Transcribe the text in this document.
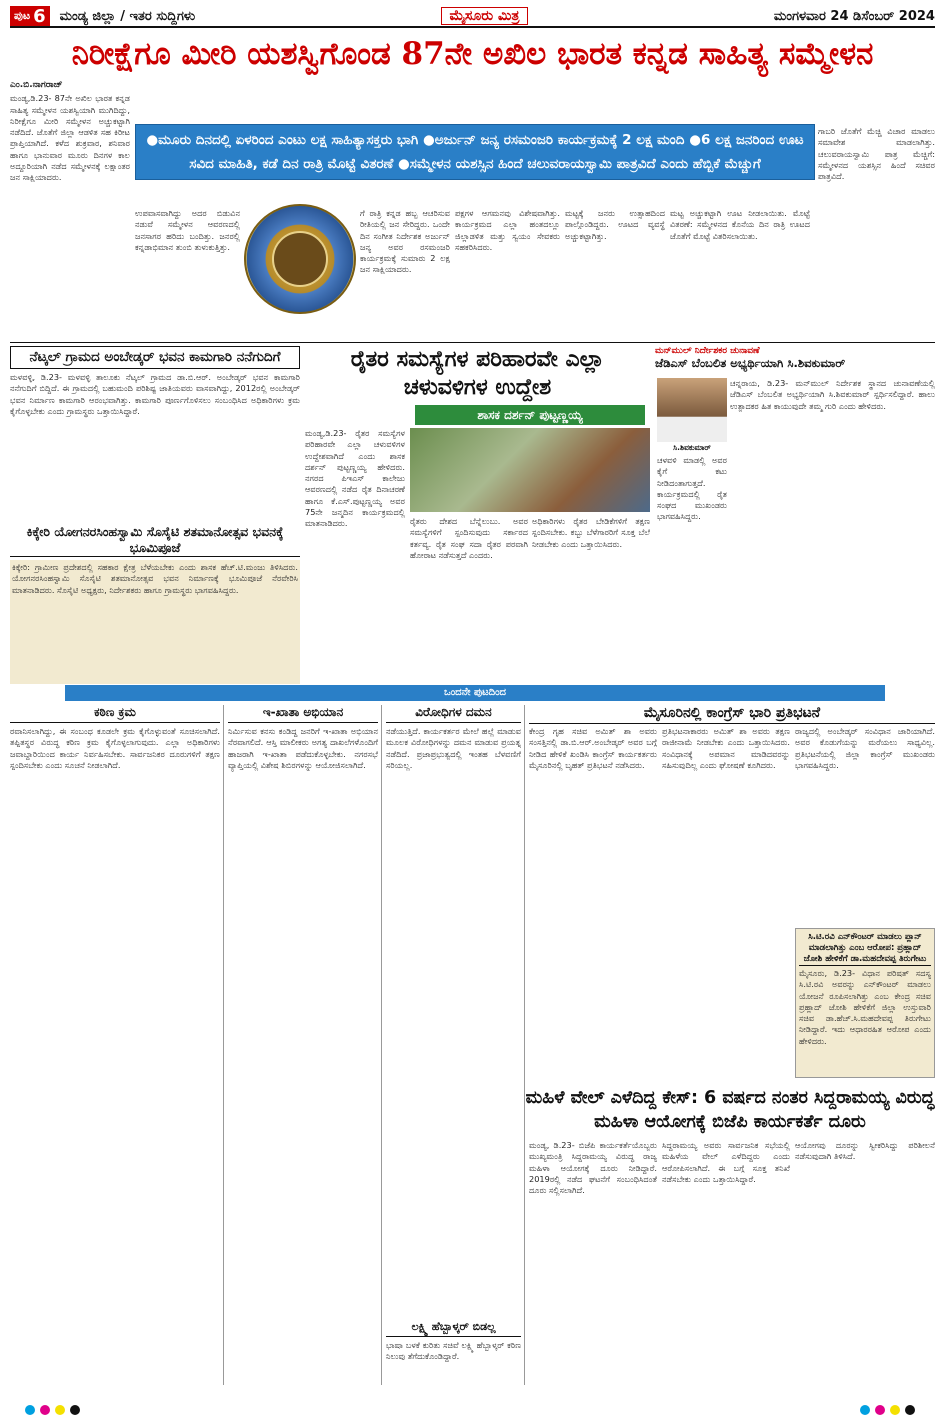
ಪುಟ 6 ಮಂಡ್ಯ ಜಿಲ್ಲಾ / ಇತರ ಸುದ್ದಿಗಳು	ಮೈಸೂರು ಮಿತ್ರ	ಮಂಗಳವಾರ 24 ಡಿಸೆಂಬರ್ 2024
ನಿರೀಕ್ಷೆಗೂ ಮೀರಿ ಯಶಸ್ವಿಗೊಂಡ 87ನೇ ಅಖಿಲ ಭಾರತ ಕನ್ನಡ ಸಾಹಿತ್ಯ ಸಮ್ಮೇಳನ
ಎಂ.ಬಿ.ನಾಗರಾಜ್
ಮಂಡ್ಯ,ಡಿ.23- 87ನೇ ಅಖಿಲ ಭಾರತ ಕನ್ನಡ ಸಾಹಿತ್ಯ ಸಮ್ಮೇಳನ ಯಶಸ್ವಿಯಾಗಿ ಮುಗಿದಿದ್ದು, ನಿರೀಕ್ಷೆಗೂ ಮೀರಿ ಸಮ್ಮೇಳನ ಅಚ್ಚುಕಟ್ಟಾಗಿ ನಡೆದಿದೆ. ಜೊತೆಗೆ ಜಿಲ್ಲಾ ಆಡಳಿತ ಸಹ ಕಿರೀಟ ಪ್ರಾಪ್ತಿಯಾಗಿದೆ. ಕಳೆದ ಶುಕ್ರವಾರ, ಶನಿವಾರ ಹಾಗೂ ಭಾನುವಾರ ಮೂರು ದಿನಗಳ ಕಾಲ ಅದ್ದೂರಿಯಾಗಿ ನಡೆದ ಸಮ್ಮೇಳನಕ್ಕೆ ಲಕ್ಷಾಂತರ ಜನ ಸಾಕ್ಷಿಯಾದರು.
●ಮೂರು ದಿನದಲ್ಲಿ ಏಳರಿಂದ ಎಂಟು ಲಕ್ಷ ಸಾಹಿತ್ಯಾಸಕ್ತರು ಭಾಗಿ ●ಅರ್ಜುನ್ ಜನ್ಯ ರಸಮಂಜರಿ ಕಾರ್ಯಕ್ರಮಕ್ಕೆ 2 ಲಕ್ಷ ಮಂದಿ ●6 ಲಕ್ಷ ಜನರಿಂದ ಊಟ ಸವಿದ ಮಾಹಿತಿ, ಕಡೆ ದಿನ ರಾತ್ರಿ ಮೊಟ್ಟೆ ವಿತರಣೆ ●ಸಮ್ಮೇಳನ ಯಶಸ್ಸಿನ ಹಿಂದೆ ಚಲುವರಾಯಸ್ವಾಮಿ ಪಾತ್ರವಿದೆ ಎಂದು ಹೆಬ್ಬಿಕೆ ಮೆಚ್ಚುಗೆ
ಉಪವಾಸವಾಗಿದ್ದು ಅದರ ಬಿಡುವಿನ ನಡುವೆ ಸಮ್ಮೇಳನ ಆವರಣದಲ್ಲಿ ಜನಸಾಗರ ಹರಿದು ಬಂದಿತ್ತು. ಜನರಲ್ಲಿ ಕನ್ನಡಾಭಿಮಾನ ತುಂಬಿ ತುಳುಕುತ್ತಿತ್ತು.
ಗೆ ರಾತ್ರಿ ಕನ್ನಡ ಹಬ್ಬ ಆಚರಿಸುವ ರೀತಿಯಲ್ಲಿ ಜನ ಸೇರಿದ್ದರು. ಒಂದೇ ದಿನ ಸಂಗೀತ ನಿರ್ದೇಶಕ ಅರ್ಜುನ್ ಜನ್ಯ ಅವರ ರಸಮಂಜರಿ ಕಾರ್ಯಕ್ರಮಕ್ಕೆ ಸುಮಾರು 2 ಲಕ್ಷ ಜನ ಸಾಕ್ಷಿಯಾದರು.
ಪಕ್ಷಗಳ ಆಗಮನವು ವಿಶೇಷವಾಗಿತ್ತು. ಕಾರ್ಯಕ್ರಮದ ಎಲ್ಲಾ ಹಂತದಲ್ಲೂ ಜಿಲ್ಲಾಡಳಿತ ಮತ್ತು ಸ್ವಯಂ ಸೇವಕರು ಸಹಕರಿಸಿದರು.
ಮಟ್ಟಕ್ಕೆ ಜನರು ಉತ್ಸಾಹದಿಂದ ಪಾಲ್ಗೊಂಡಿದ್ದರು. ಊಟದ ವ್ಯವಸ್ಥೆ ಅಚ್ಚುಕಟ್ಟಾಗಿತ್ತು.
ಮಟ್ಟ ಅಚ್ಚುಕಟ್ಟಾಗಿ ಊಟ ನೀಡಲಾಯಿತು. ಮೊಟ್ಟೆ ವಿತರಣೆ: ಸಮ್ಮೇಳನದ ಕೊನೆಯ ದಿನ ರಾತ್ರಿ ಊಟದ ಜೊತೆಗೆ ಮೊಟ್ಟೆ ವಿತರಿಸಲಾಯಿತು.
ಗಾಬರಿ ಜೊತೆಗೆ ಮೆಚ್ಚಿ ವಿಚಾರ ಮಾಡಲು ಸಮಾವೇಶ ಮಾಡಲಾಗಿತ್ತು. ಚಲುವರಾಯಸ್ವಾಮಿ ಪಾತ್ರ ಮೆಚ್ಚಿಗೆ: ಸಮ್ಮೇಳನದ ಯಶಸ್ಸಿನ ಹಿಂದೆ ಸಚಿವರ ಪಾತ್ರವಿದೆ.
ನೆಟ್ಕಲ್ ಗ್ರಾಮದ ಅಂಬೇಡ್ಕರ್ ಭವನ ಕಾಮಗಾರಿ ನನೆಗುದಿಗೆ
ಮಳವಳ್ಳಿ, ಡಿ.23- ಮಳವಳ್ಳಿ ತಾಲೂಕು ನೆಟ್ಕಲ್ ಗ್ರಾಮದ ಡಾ.ಬಿ.ಆರ್. ಅಂಬೇಡ್ಕರ್ ಭವನ ಕಾಮಗಾರಿ ನನೆಗುದಿಗೆ ಬಿದ್ದಿದೆ. ಈ ಗ್ರಾಮದಲ್ಲಿ ಬಹುಮಂದಿ ಪರಿಶಿಷ್ಟ ಜಾತಿಯವರು ವಾಸವಾಗಿದ್ದು, 2012ರಲ್ಲಿ ಅಂಬೇಡ್ಕರ್ ಭವನ ನಿರ್ಮಾಣ ಕಾಮಗಾರಿ ಆರಂಭವಾಗಿತ್ತು. ಕಾಮಗಾರಿ ಪೂರ್ಣಗೊಳಿಸಲು ಸಂಬಂಧಿಸಿದ ಅಧಿಕಾರಿಗಳು ಕ್ರಮ ಕೈಗೊಳ್ಳಬೇಕು ಎಂದು ಗ್ರಾಮಸ್ಥರು ಒತ್ತಾಯಿಸಿದ್ದಾರೆ.
ಕಿಕ್ಕೇರಿ ಯೋಗನರಸಿಂಹಸ್ವಾಮಿ ಸೊಸೈಟಿ ಶತಮಾನೋತ್ಸವ ಭವನಕ್ಕೆ ಭೂಮಿಪೂಜೆ
ಕಿಕ್ಕೇರಿ: ಗ್ರಾಮೀಣ ಪ್ರದೇಶದಲ್ಲಿ ಸಹಕಾರ ಕ್ಷೇತ್ರ ಬೆಳೆಯಬೇಕು ಎಂದು ಶಾಸಕ ಹೆಚ್.ಟಿ.ಮಂಜು ತಿಳಿಸಿದರು. ಯೋಗನರಸಿಂಹಸ್ವಾಮಿ ಸೊಸೈಟಿ ಶತಮಾನೋತ್ಸವ ಭವನ ನಿರ್ಮಾಣಕ್ಕೆ ಭೂಮಿಪೂಜೆ ನೆರವೇರಿಸಿ ಮಾತನಾಡಿದರು. ಸೊಸೈಟಿ ಅಧ್ಯಕ್ಷರು, ನಿರ್ದೇಶಕರು ಹಾಗೂ ಗ್ರಾಮಸ್ಥರು ಭಾಗವಹಿಸಿದ್ದರು.
ರೈತರ ಸಮಸ್ಯೆಗಳ ಪರಿಹಾರವೇ ಎಲ್ಲಾ ಚಳುವಳಿಗಳ ಉದ್ದೇಶ
ಶಾಸಕ ದರ್ಶನ್ ಪುಟ್ಟಣ್ಣಯ್ಯ
ಮಂಡ್ಯ,ಡಿ.23- ರೈತರ ಸಮಸ್ಯೆಗಳ ಪರಿಹಾರವೇ ಎಲ್ಲಾ ಚಳುವಳಿಗಳ ಉದ್ದೇಶವಾಗಿದೆ ಎಂದು ಶಾಸಕ ದರ್ಶನ್ ಪುಟ್ಟಣ್ಣಯ್ಯ ಹೇಳಿದರು. ನಗರದ ಪಿಇಎಸ್ ಕಾಲೇಜು ಆವರಣದಲ್ಲಿ ನಡೆದ ರೈತ ದಿನಾಚರಣೆ ಹಾಗೂ ಕೆ.ಎಸ್.ಪುಟ್ಟಣ್ಣಯ್ಯ ಅವರ 75ನೇ ಜನ್ಮದಿನ ಕಾರ್ಯಕ್ರಮದಲ್ಲಿ ಮಾತನಾಡಿದರು.	ರೈತರು ದೇಶದ ಬೆನ್ನೆಲುಬು. ಅವರ ಸಮಸ್ಯೆಗಳಿಗೆ ಸ್ಪಂದಿಸುವುದು ಸರ್ಕಾರದ ಕರ್ತವ್ಯ. ರೈತ ಸಂಘ ಸದಾ ರೈತರ ಪರವಾಗಿ ಹೋರಾಟ ನಡೆಸುತ್ತದೆ ಎಂದರು.
ಅಧಿಕಾರಿಗಳು ರೈತರ ಬೇಡಿಕೆಗಳಿಗೆ ತಕ್ಷಣ ಸ್ಪಂದಿಸಬೇಕು. ಕಬ್ಬು ಬೆಳೆಗಾರರಿಗೆ ಸೂಕ್ತ ಬೆಲೆ ನೀಡಬೇಕು ಎಂದು ಒತ್ತಾಯಿಸಿದರು.
ಮನ್‌ಮುಲ್ ನಿರ್ದೇಶಕರ ಚುನಾವಣೆ
ಜೆಡಿಎಸ್ ಬೆಂಬಲಿತ ಅಭ್ಯರ್ಥಿಯಾಗಿ ಸಿ.ಶಿವಕುಮಾರ್
ಸಿ.ಶಿವಕುಮಾರ್
ಚನ್ನರಾಯ, ಡಿ.23- ಮನ್‌ಮುಲ್ ನಿರ್ದೇಶಕ ಸ್ಥಾನದ ಚುನಾವಣೆಯಲ್ಲಿ ಜೆಡಿಎಸ್ ಬೆಂಬಲಿತ ಅಭ್ಯರ್ಥಿಯಾಗಿ ಸಿ.ಶಿವಕುಮಾರ್ ಸ್ಪರ್ಧಿಸಲಿದ್ದಾರೆ. ಹಾಲು ಉತ್ಪಾದಕರ ಹಿತ ಕಾಯುವುದೇ ತಮ್ಮ ಗುರಿ ಎಂದು ಹೇಳಿದರು.
ಚಳವಳಿ ಮಾಡಲ್ಲಿ ಅವರ ಕೈಗೆ ಕಟು ನೀಡಿದಂತಾಗುತ್ತದೆ. ಕಾರ್ಯಕ್ರಮದಲ್ಲಿ ರೈತ ಸಂಘದ ಮುಖಂಡರು ಭಾಗವಹಿಸಿದ್ದರು.
ಒಂದನೇ ಪುಟದಿಂದ
ಕಠಿಣ ಕ್ರಮ
ರವಾನಿಸಲಾಗಿದ್ದು, ಈ ಸಂಬಂಧ ಕೂಡಲೇ ಕ್ರಮ ಕೈಗೊಳ್ಳುವಂತೆ ಸೂಚಿಸಲಾಗಿದೆ. ತಪ್ಪಿತಸ್ಥರ ವಿರುದ್ಧ ಕಠಿಣ ಕ್ರಮ ಕೈಗೊಳ್ಳಲಾಗುವುದು. ಎಲ್ಲಾ ಅಧಿಕಾರಿಗಳು ಜವಾಬ್ದಾರಿಯಿಂದ ಕಾರ್ಯ ನಿರ್ವಹಿಸಬೇಕು. ಸಾರ್ವಜನಿಕರ ದೂರುಗಳಿಗೆ ತಕ್ಷಣ ಸ್ಪಂದಿಸಬೇಕು ಎಂದು ಸೂಚನೆ ನೀಡಲಾಗಿದೆ.
ಇ-ಖಾತಾ ಅಭಿಯಾನ
ನಿರ್ಮಿಸುವ ಕನಸು ಕಂಡಿದ್ದ ಜನರಿಗೆ ಇ-ಖಾತಾ ಅಭಿಯಾನ ನೆರವಾಗಲಿದೆ. ಆಸ್ತಿ ಮಾಲೀಕರು ಅಗತ್ಯ ದಾಖಲೆಗಳೊಂದಿಗೆ ಹಾಜರಾಗಿ ಇ-ಖಾತಾ ಪಡೆದುಕೊಳ್ಳಬೇಕು. ನಗರಸಭೆ ವ್ಯಾಪ್ತಿಯಲ್ಲಿ ವಿಶೇಷ ಶಿಬಿರಗಳನ್ನು ಆಯೋಜಿಸಲಾಗಿದೆ.
ವಿರೋಧಿಗಳ ದಮನ
ನಡೆಯುತ್ತಿದೆ. ಕಾರ್ಯಕರ್ತರ ಮೇಲೆ ಹಲ್ಲೆ ಮಾಡುವ ಮೂಲಕ ವಿರೋಧಿಗಳನ್ನು ದಮನ ಮಾಡುವ ಪ್ರಯತ್ನ ನಡೆದಿದೆ. ಪ್ರಜಾಪ್ರಭುತ್ವದಲ್ಲಿ ಇಂತಹ ಬೆಳವಣಿಗೆ ಸರಿಯಲ್ಲ.
ಲಕ್ಷ್ಮಿ ಹೆಬ್ಬಾಳ್ಕರ್ ಬಿಡಲ್ಲ
ಭಾಷಾ ಬಳಕೆ ಕುರಿತು ಸಚಿವೆ ಲಕ್ಷ್ಮಿ ಹೆಬ್ಬಾಳ್ಕರ್ ಕಠಿಣ ನಿಲುವು ತೆಗೆದುಕೊಂಡಿದ್ದಾರೆ.
ಮೈಸೂರಿನಲ್ಲಿ ಕಾಂಗ್ರೆಸ್ ಭಾರಿ ಪ್ರತಿಭಟನೆ
ಕೇಂದ್ರ ಗೃಹ ಸಚಿವ ಅಮಿತ್ ಶಾ ಅವರು ಸಂಸತ್ತಿನಲ್ಲಿ ಡಾ.ಬಿ.ಆರ್.ಅಂಬೇಡ್ಕರ್ ಅವರ ಬಗ್ಗೆ ನೀಡಿದ ಹೇಳಿಕೆ ಖಂಡಿಸಿ ಕಾಂಗ್ರೆಸ್ ಕಾರ್ಯಕರ್ತರು ಮೈಸೂರಿನಲ್ಲಿ ಬೃಹತ್ ಪ್ರತಿಭಟನೆ ನಡೆಸಿದರು.
ಪ್ರತಿಭಟನಾಕಾರರು ಅಮಿತ್ ಶಾ ಅವರು ತಕ್ಷಣ ರಾಜೀನಾಮೆ ನೀಡಬೇಕು ಎಂದು ಒತ್ತಾಯಿಸಿದರು. ಸಂವಿಧಾನಕ್ಕೆ ಅಪಮಾನ ಮಾಡಿದವರನ್ನು ಸಹಿಸುವುದಿಲ್ಲ ಎಂದು ಘೋಷಣೆ ಕೂಗಿದರು.
ರಾಜ್ಯದಲ್ಲಿ ಅಂಬೇಡ್ಕರ್ ಸಂವಿಧಾನ ಜಾರಿಯಾಗಿದೆ. ಅವರ ಕೊಡುಗೆಯನ್ನು ಮರೆಯಲು ಸಾಧ್ಯವಿಲ್ಲ. ಪ್ರತಿಭಟನೆಯಲ್ಲಿ ಜಿಲ್ಲಾ ಕಾಂಗ್ರೆಸ್ ಮುಖಂಡರು ಭಾಗವಹಿಸಿದ್ದರು.
ಸಿ.ಟಿ.ರವಿ ಎನ್‌ಕೌಂಟರ್ ಮಾಡಲು ಪ್ಲಾನ್ ಮಾಡಲಾಗಿತ್ತು ಎಂಬ ಆರೋಪ: ಪ್ರಹ್ಲಾದ್ ಜೋಶಿ ಹೇಳಿಕೆಗೆ ಡಾ.ಮಹದೇವಪ್ಪ ತಿರುಗೇಟು
ಮೈಸೂರು, ಡಿ.23- ವಿಧಾನ ಪರಿಷತ್ ಸದಸ್ಯ ಸಿ.ಟಿ.ರವಿ ಅವರನ್ನು ಎನ್‌ಕೌಂಟರ್ ಮಾಡಲು ಯೋಜನೆ ರೂಪಿಸಲಾಗಿತ್ತು ಎಂಬ ಕೇಂದ್ರ ಸಚಿವ ಪ್ರಹ್ಲಾದ್ ಜೋಶಿ ಹೇಳಿಕೆಗೆ ಜಿಲ್ಲಾ ಉಸ್ತುವಾರಿ ಸಚಿವ ಡಾ.ಹೆಚ್.ಸಿ.ಮಹದೇವಪ್ಪ ತಿರುಗೇಟು ನೀಡಿದ್ದಾರೆ. ಇದು ಆಧಾರರಹಿತ ಆರೋಪ ಎಂದು ಹೇಳಿದರು.
ಮಹಿಳೆ ವೇಲ್ ಎಳೆದಿದ್ದ ಕೇಸ್: 6 ವರ್ಷದ ನಂತರ ಸಿದ್ದರಾಮಯ್ಯ ವಿರುದ್ಧ ಮಹಿಳಾ ಆಯೋಗಕ್ಕೆ ಬಿಜೆಪಿ ಕಾರ್ಯಕರ್ತೆ ದೂರು
ಮಂಡ್ಯ, ಡಿ.23- ಬಿಜೆಪಿ ಕಾರ್ಯಕರ್ತೆಯೊಬ್ಬರು ಮುಖ್ಯಮಂತ್ರಿ ಸಿದ್ದರಾಮಯ್ಯ ವಿರುದ್ಧ ರಾಜ್ಯ ಮಹಿಳಾ ಆಯೋಗಕ್ಕೆ ದೂರು ನೀಡಿದ್ದಾರೆ. 2019ರಲ್ಲಿ ನಡೆದ ಘಟನೆಗೆ ಸಂಬಂಧಿಸಿದಂತೆ ದೂರು ಸಲ್ಲಿಸಲಾಗಿದೆ.
ಸಿದ್ದರಾಮಯ್ಯ ಅವರು ಸಾರ್ವಜನಿಕ ಸಭೆಯಲ್ಲಿ ಮಹಿಳೆಯ ವೇಲ್ ಎಳೆದಿದ್ದರು ಎಂದು ಆರೋಪಿಸಲಾಗಿದೆ. ಈ ಬಗ್ಗೆ ಸೂಕ್ತ ತನಿಖೆ ನಡೆಸಬೇಕು ಎಂದು ಒತ್ತಾಯಿಸಿದ್ದಾರೆ.
ಆಯೋಗವು ದೂರನ್ನು ಸ್ವೀಕರಿಸಿದ್ದು ಪರಿಶೀಲನೆ ನಡೆಸುವುದಾಗಿ ತಿಳಿಸಿದೆ.
